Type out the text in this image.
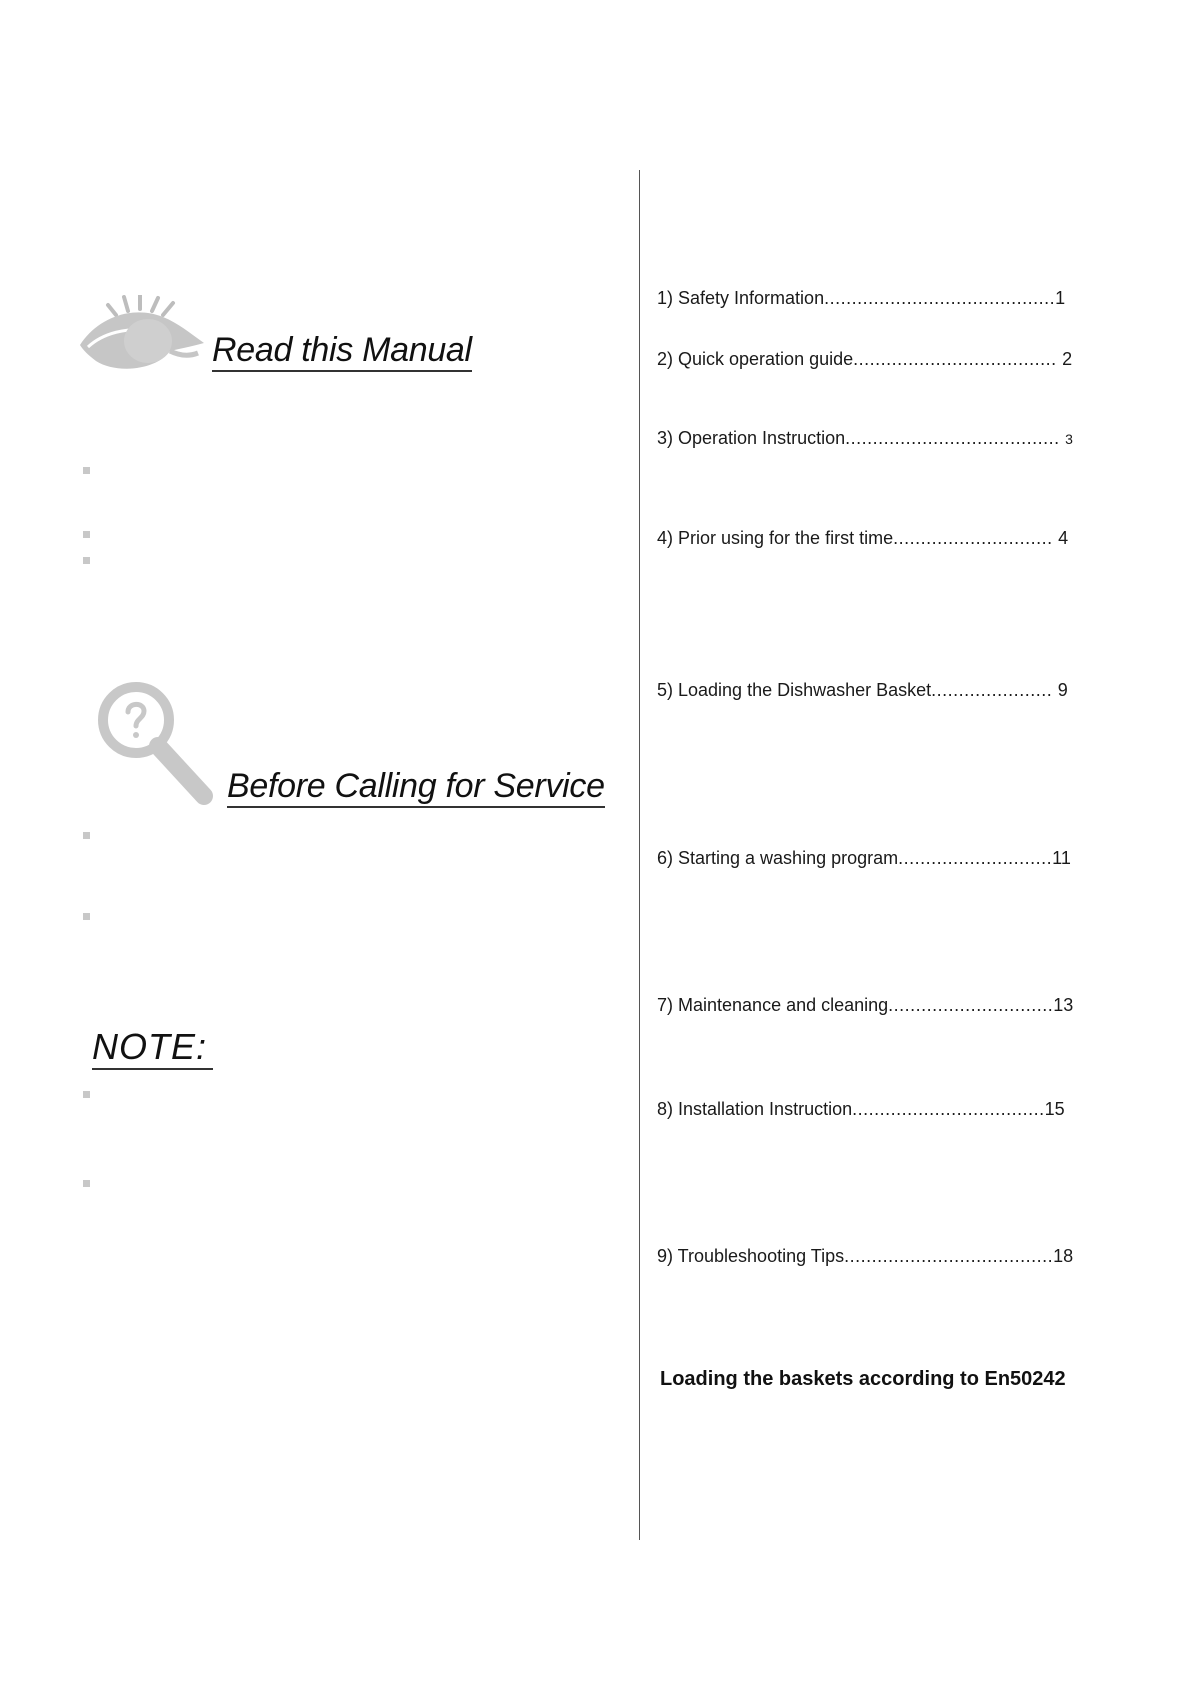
Read this Manual
Before Calling for Service
NOTE:
1) Safety Information..........................................1
2) Quick operation guide..................................... 2
3) Operation Instruction....................................... 3
4) Prior using for the first time............................. 4
5) Loading the Dishwasher Basket...................... 9
6) Starting a washing program............................11
7) Maintenance and cleaning..............................13
8) Installation Instruction...................................15
9) Troubleshooting Tips......................................18
Loading the baskets according to En50242
